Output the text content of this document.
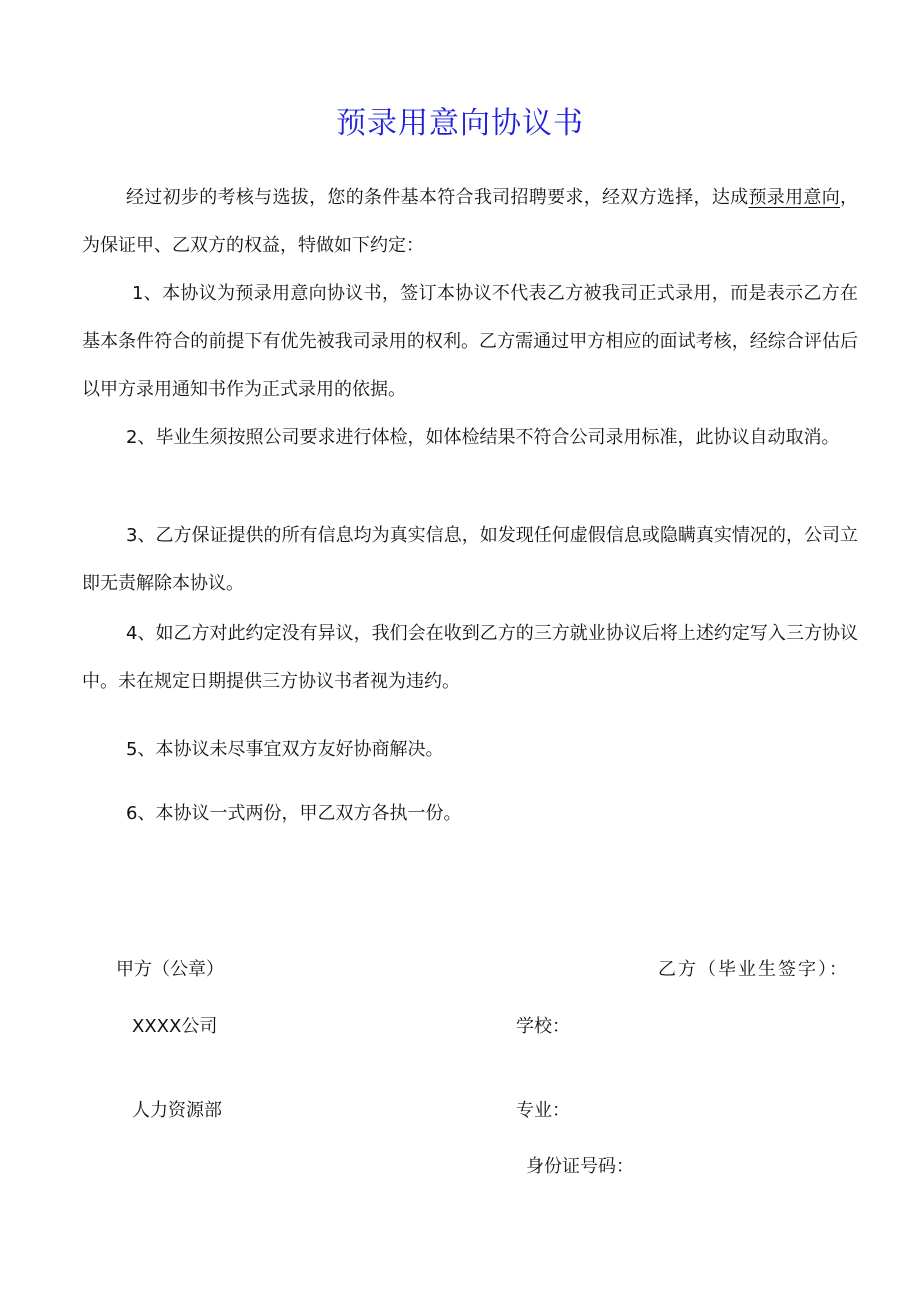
预录用意向协议书

经过初步的考核与选拔，您的条件基本符合我司招聘要求，经双方选择，达成预录用意向，为保证甲、乙双方的权益，特做如下约定：

1、本协议为预录用意向协议书，签订本协议不代表乙方被我司正式录用，而是表示乙方在基本条件符合的前提下有优先被我司录用的权利。乙方需通过甲方相应的面试考核，经综合评估后以甲方录用通知书作为正式录用的依据。

2、毕业生须按照公司要求进行体检，如体检结果不符合公司录用标准，此协议自动取消。

3、乙方保证提供的所有信息均为真实信息，如发现任何虚假信息或隐瞒真实情况的，公司立即无责解除本协议。

4、如乙方对此约定没有异议，我们会在收到乙方的三方就业协议后将上述约定写入三方协议中。未在规定日期提供三方协议书者视为违约。

5、本协议未尽事宜双方友好协商解决。

6、本协议一式两份，甲乙双方各执一份。

甲方（公章）	乙方（毕业生签字）：

XXXX公司	学校：

人力资源部	专业：

身份证号码：
